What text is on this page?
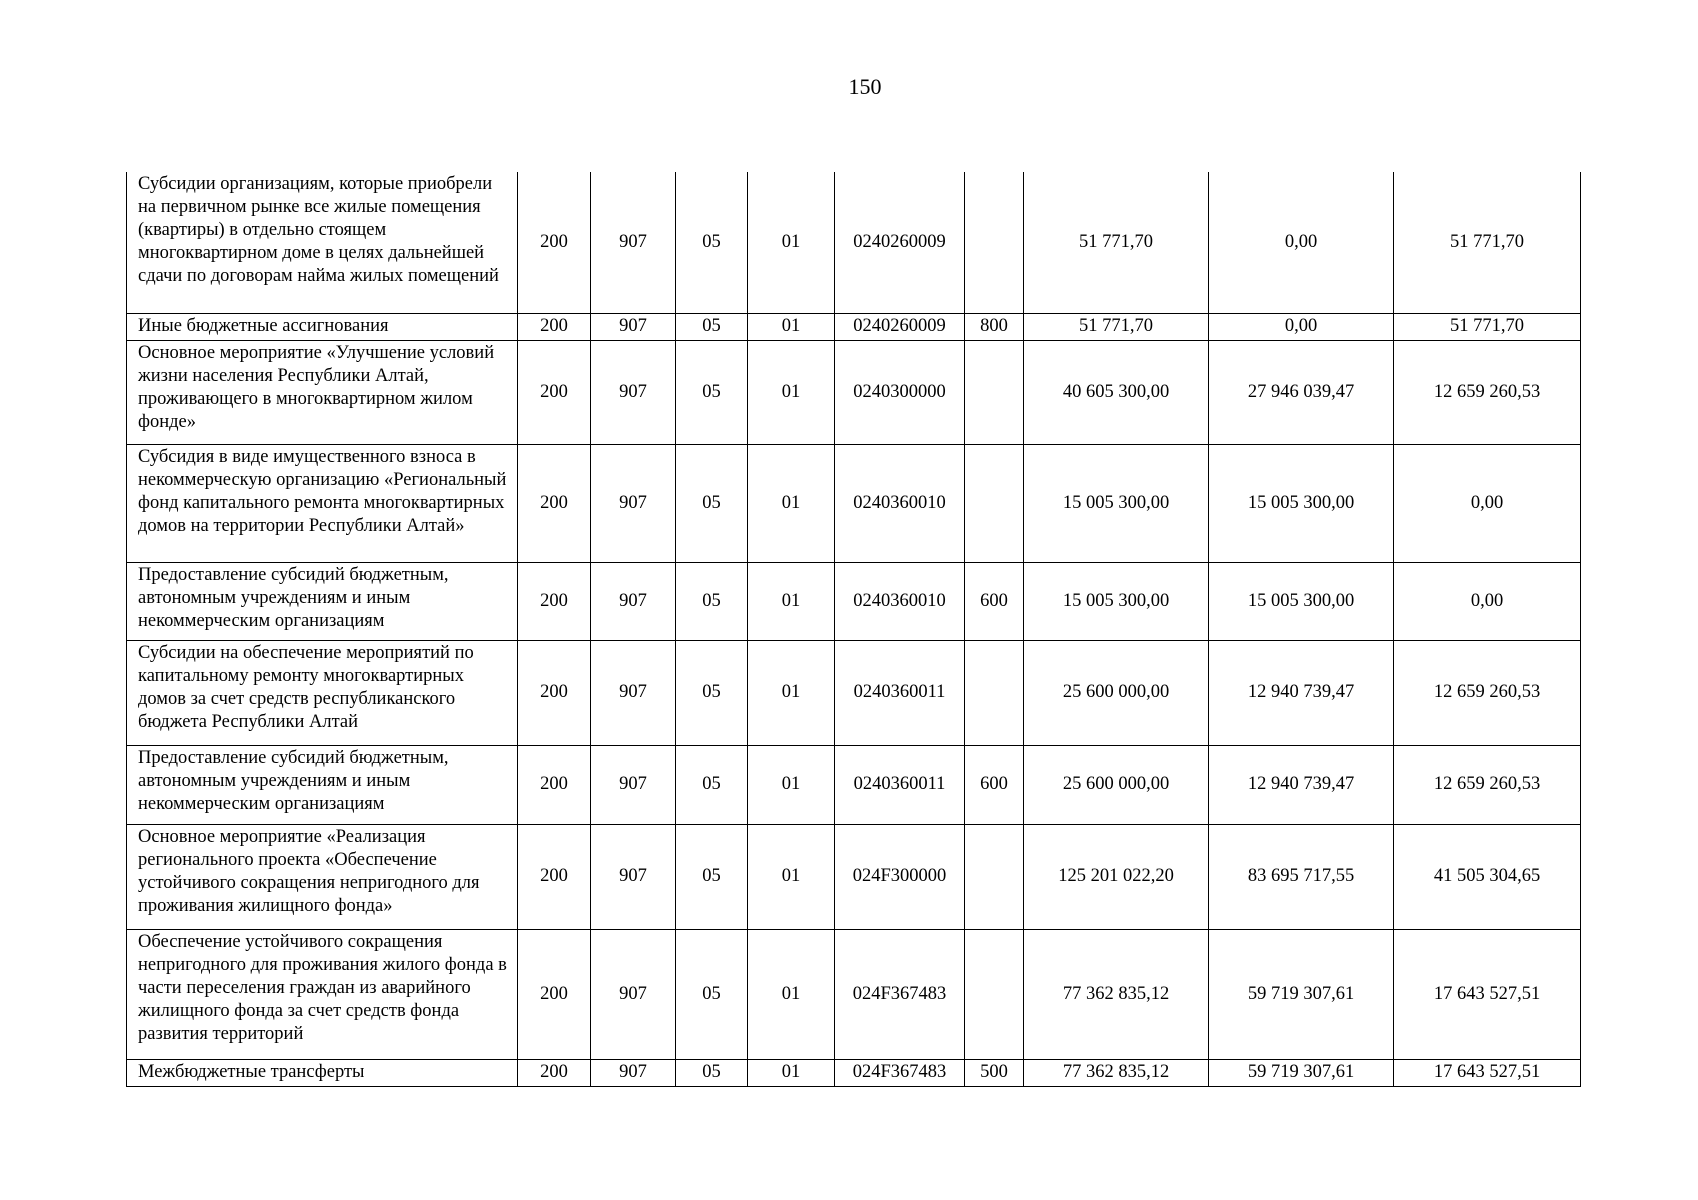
150
Субсидии организациям, которые приобрели на первичном рынке все жилые помещения (квартиры) в отдельно стоящем многоквартирном доме в целях дальнейшей сдачи по договорам найма жилых помещений	200	907	05	01	0240260009		51 771,70	0,00	51 771,70
Иные бюджетные ассигнования	200	907	05	01	0240260009	800	51 771,70	0,00	51 771,70
Основное мероприятие «Улучшение условий жизни населения Республики Алтай, проживающего в многоквартирном жилом фонде»	200	907	05	01	0240300000		40 605 300,00	27 946 039,47	12 659 260,53
Субсидия в виде имущественного взноса в некоммерческую организацию «Региональный фонд капитального ремонта многоквартирных домов на территории Республики Алтай»	200	907	05	01	0240360010		15 005 300,00	15 005 300,00	0,00
Предоставление субсидий бюджетным, автономным учреждениям и иным некоммерческим организациям	200	907	05	01	0240360010	600	15 005 300,00	15 005 300,00	0,00
Субсидии на обеспечение мероприятий по капитальному ремонту многоквартирных домов за счет средств республиканского бюджета Республики Алтай	200	907	05	01	0240360011		25 600 000,00	12 940 739,47	12 659 260,53
Предоставление субсидий бюджетным, автономным учреждениям и иным некоммерческим организациям	200	907	05	01	0240360011	600	25 600 000,00	12 940 739,47	12 659 260,53
Основное мероприятие «Реализация регионального проекта «Обеспечение устойчивого сокращения непригодного для проживания жилищного фонда»	200	907	05	01	024F300000		125 201 022,20	83 695 717,55	41 505 304,65
Обеспечение устойчивого сокращения непригодного для проживания жилого фонда в части переселения граждан из аварийного жилищного фонда за счет средств фонда развития территорий	200	907	05	01	024F367483		77 362 835,12	59 719 307,61	17 643 527,51
Межбюджетные трансферты	200	907	05	01	024F367483	500	77 362 835,12	59 719 307,61	17 643 527,51
